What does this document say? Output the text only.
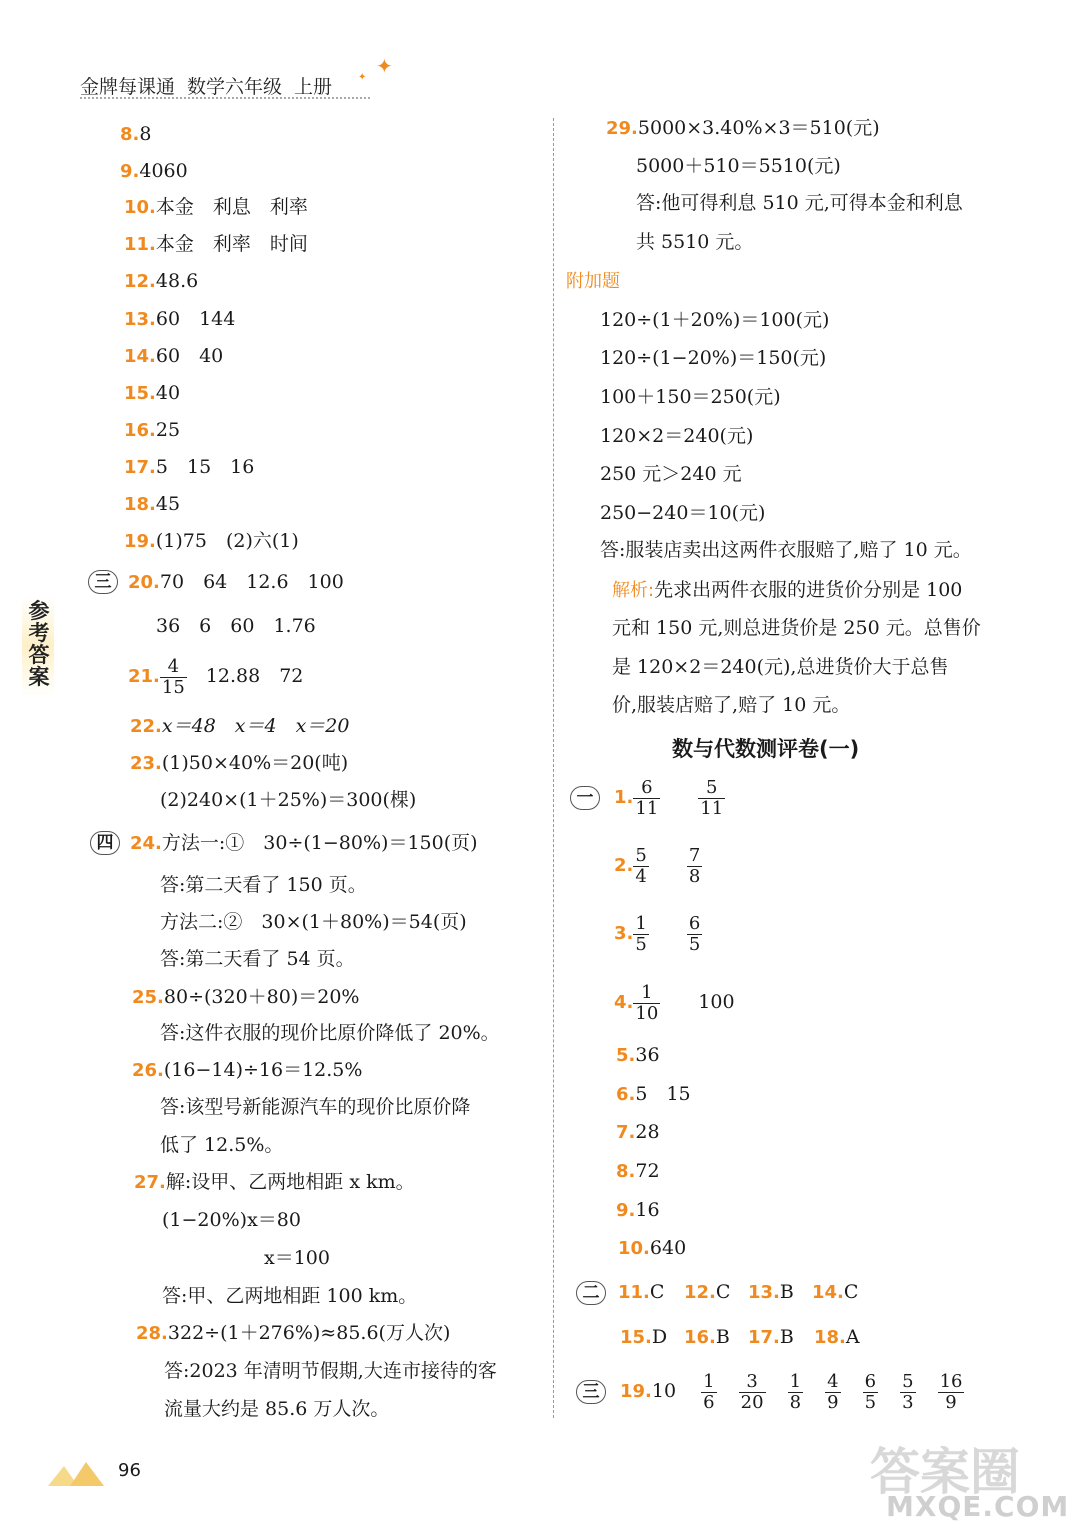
金牌每课通 数学六年级 上册
✦
✦
参考答案
8.8
9.4060
10.本金　利息　利率
11.本金　利率　时间
12.48.6
13.60　144
14.60　40
15.40
16.25
17.5　15　16
18.45
19.(1)75　(2)六(1)
三 20.70　64　12.6　100
36　6　60　1.76
21. $\frac{4}{15}$
　 12.88　72
22.x＝48　x＝4　x＝20
23.(1)50×40%＝20(吨)
(2)240×(1＋25%)＝300(棵)
四 24.方法一:①　30÷(1−80%)＝150(页)
答:第二天看了 150 页。
方法二:②　30×(1＋80%)＝54(页)
答:第二天看了 54 页。
25.80÷(320＋80)＝20%
答:这件衣服的现价比原价降低了 20%。
26.(16−14)÷16＝12.5%
答:该型号新能源汽车的现价比原价降
低了 12.5%。
27.解:设甲、乙两地相距 x km。
(1−20%)x＝80
x＝100
答:甲、乙两地相距 100 km。
28.322÷(1＋276%)≈85.6(万人次)
答:2023 年清明节假期,大连市接待的客
流量大约是 85.6 万人次。
29.5000×3.40%×3＝510(元)
5000＋510＝5510(元)
答:他可得利息 510 元,可得本金和利息
共 5510 元。
附加题
120÷(1＋20%)＝100(元)
120÷(1−20%)＝150(元)
100＋150＝250(元)
120×2＝240(元)
250 元＞240 元
250−240＝10(元)
答:服装店卖出这两件衣服赔了,赔了 10 元。
解析:先求出两件衣服的进货价分别是 100
元和 150 元,则总进货价是 250 元。总售价
是 120×2＝240(元),总进货价大于总售
价,服装店赔了,赔了 10 元。
数与代数测评卷(一)
一	1. $\frac{6}{11}$
　　 $\frac{5}{11}$
2. $\frac{5}{4}$
　　 $\frac{7}{8}$
3. $\frac{1}{5}$
　　 $\frac{6}{5}$
4. $\frac{1}{10}$
　　 100
5.36
6.5　15
7.28
8.72
9.16
10.640
二	11.C 12.C 13.B 14.C
15.D 16.B 17.B 18.A
三	19.10　 $\frac{1}{6}$
$\frac{3}{20}$
$\frac{1}{8}$
$\frac{4}{9}$
$\frac{6}{5}$
$\frac{5}{3}$
$\frac{16}{9}$
96	答案圈
MXQE.COM
